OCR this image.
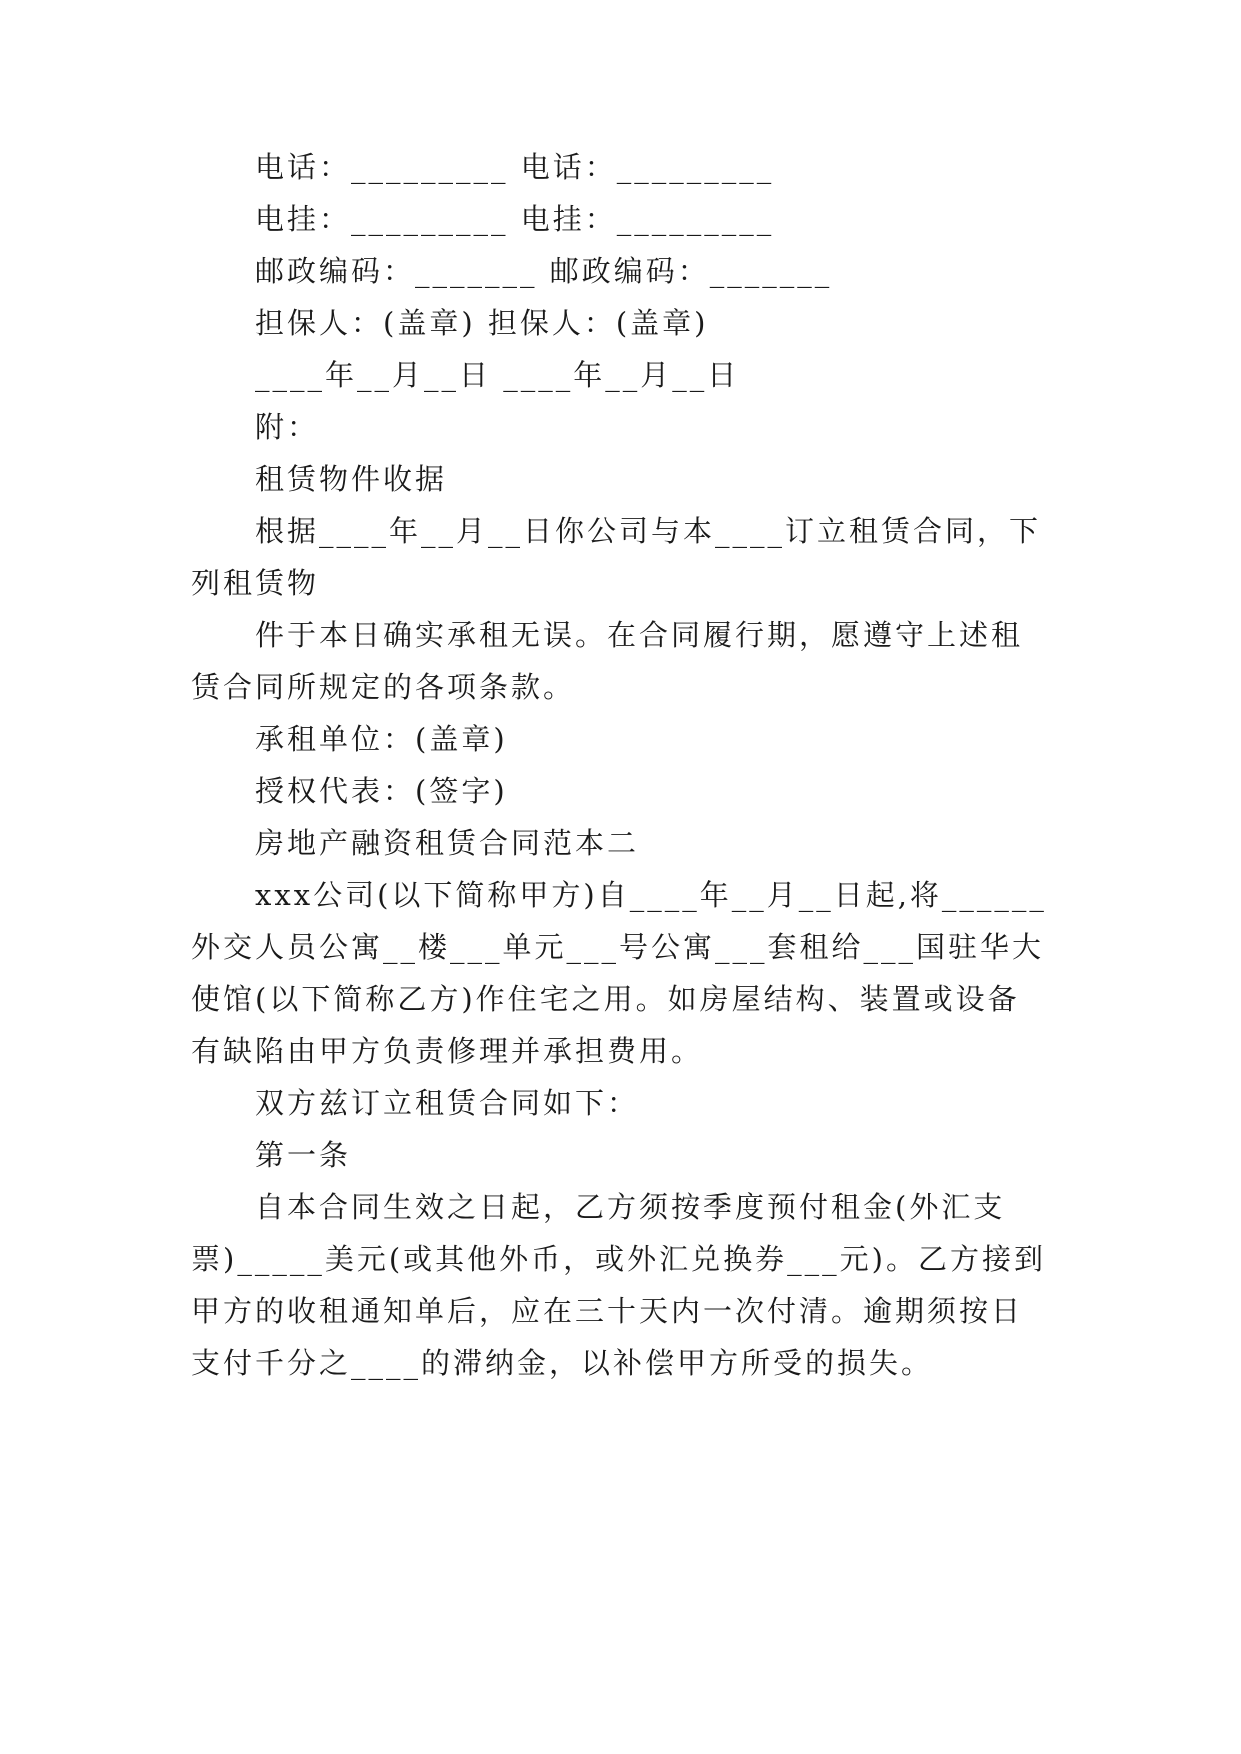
电话：_________ 电话：_________

电挂：_________ 电挂：_________

邮政编码：_______ 邮政编码：_______

担保人：(盖章) 担保人：(盖章)

____年__月__日 ____年__月__日

附：

租赁物件收据

根据____年__月__日你公司与本____订立租赁合同，下

列租赁物

件于本日确实承租无误。在合同履行期，愿遵守上述租

赁合同所规定的各项条款。

承租单位：(盖章)

授权代表：(签字)

房地产融资租赁合同范本二

xxx公司(以下简称甲方)自____年__月__日起,将______

外交人员公寓__楼___单元___号公寓___套租给___国驻华大

使馆(以下简称乙方)作住宅之用。如房屋结构、装置或设备

有缺陷由甲方负责修理并承担费用。

双方兹订立租赁合同如下：

第一条

自本合同生效之日起，乙方须按季度预付租金(外汇支

票)_____美元(或其他外币，或外汇兑换券___元)。乙方接到

甲方的收租通知单后，应在三十天内一次付清。逾期须按日

支付千分之____的滞纳金，以补偿甲方所受的损失。
